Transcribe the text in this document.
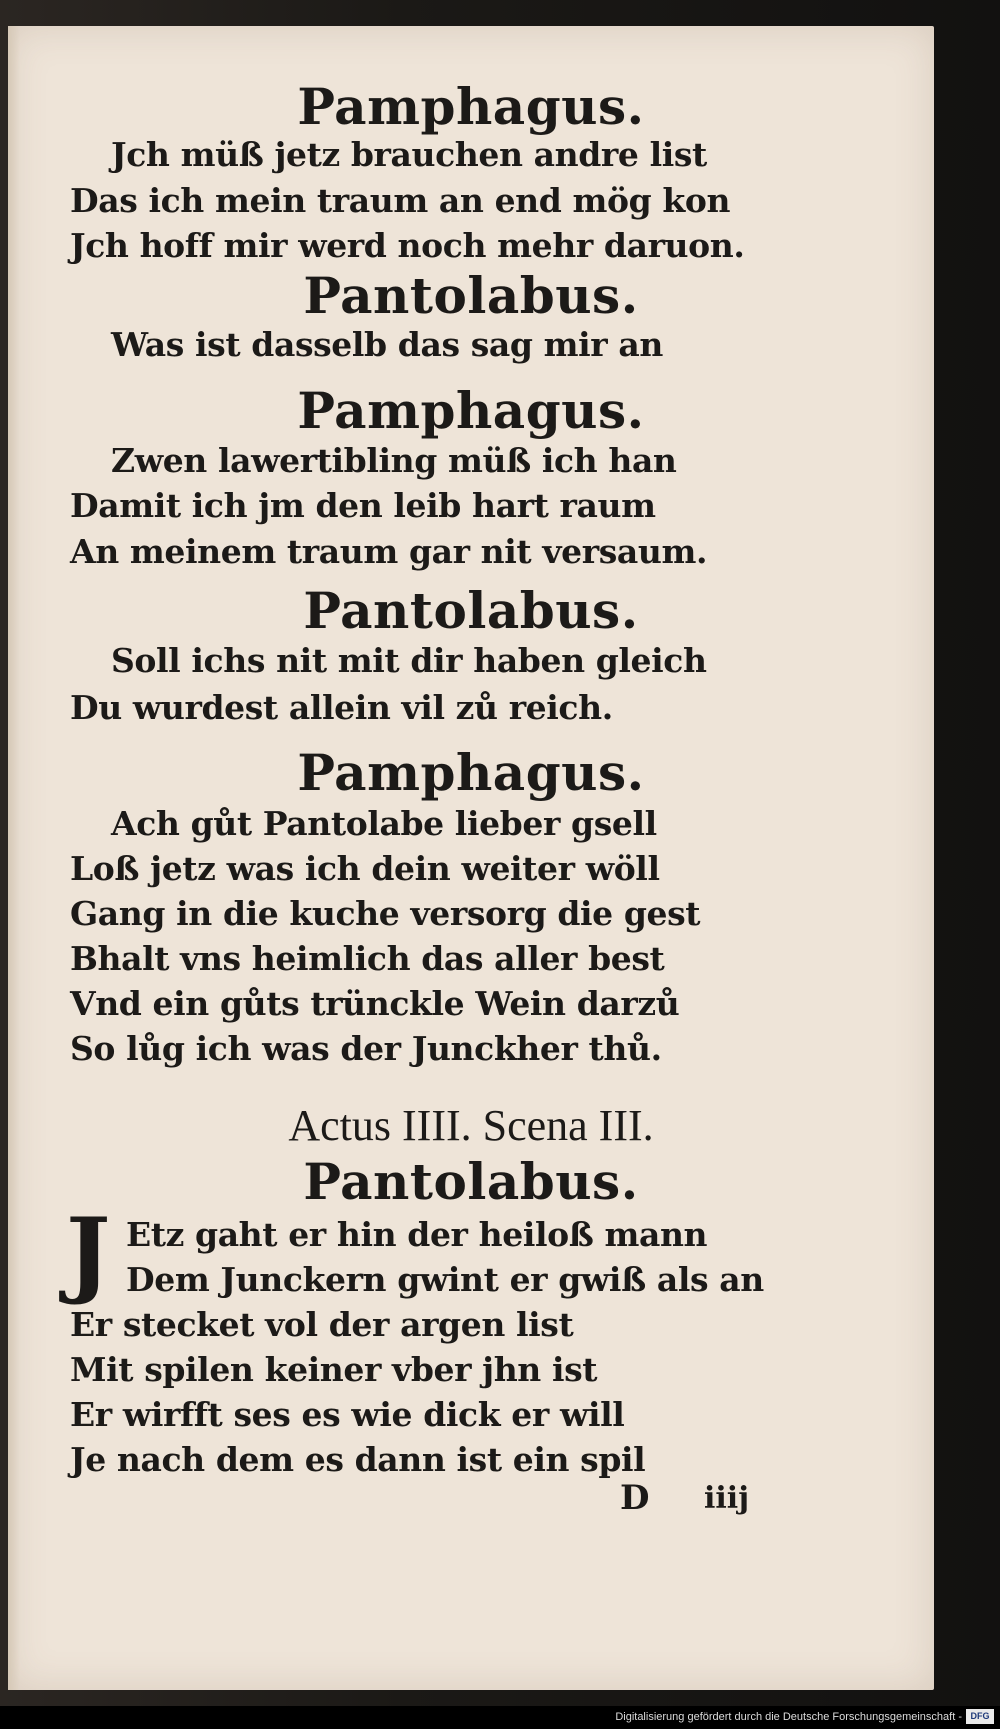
Pamphagus.
Jch müß jetz brauchen andre list
Das ich mein traum an end mög kon
Jch hoff mir werd noch mehr daruon.
Pantolabus.
Was ist dasselb das sag mir an
Pamphagus.
Zwen lawertibling müß ich han
Damit ich jm den leib hart raum
An meinem traum gar nit versaum.
Pantolabus.
Soll ichs nit mit dir haben gleich
Du wurdest allein vil zů reich.
Pamphagus.
Ach gůt Pantolabe lieber gsell
Loß jetz was ich dein weiter wöll
Gang in die kuche versorg die gest
Bhalt vns heimlich das aller best
Vnd ein gůts trünckle Wein darzů
So lůg ich was der Junckher thů.
Actus IIII. Scena III.
Pantolabus.
J Etz gaht er hin der heiloß mann
Dem Junckern gwint er gwiß als an
Er stecket vol der argen list
Mit spilen keiner vber jhn ist
Er wirfft ses es wie dick er will
Je nach dem es dann ist ein spil
D iiij
Digitalisierung gefördert durch die Deutsche Forschungsgemeinschaft - DFG
